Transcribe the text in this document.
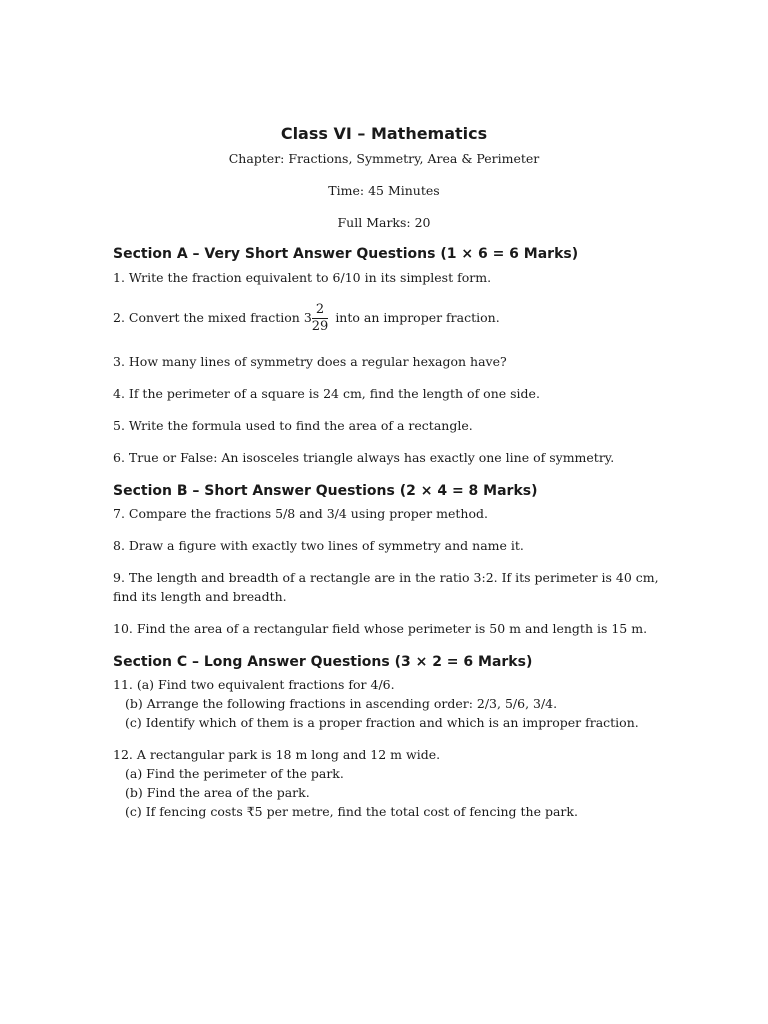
Class VI – Mathematics

Chapter: Fractions, Symmetry, Area & Perimeter

Time: 45 Minutes

Full Marks: 20

Section A – Very Short Answer Questions (1 × 6 = 6 Marks)

1. Write the fraction equivalent to 6/10 in its simplest form.

2. Convert the mixed fraction $3 \frac{2}{29}$ into an improper fraction.

3. How many lines of symmetry does a regular hexagon have?

4. If the perimeter of a square is 24 cm, find the length of one side.

5. Write the formula used to find the area of a rectangle.

6. True or False: An isosceles triangle always has exactly one line of symmetry.

Section B – Short Answer Questions (2 × 4 = 8 Marks)

7. Compare the fractions 5/8 and 3/4 using proper method.

8. Draw a figure with exactly two lines of symmetry and name it.

9. The length and breadth of a rectangle are in the ratio 3:2. If its perimeter is 40 cm, find its length and breadth.

10. Find the area of a rectangular field whose perimeter is 50 m and length is 15 m.

Section C – Long Answer Questions (3 × 2 = 6 Marks)

11. (a) Find two equivalent fractions for 4/6.
(b) Arrange the following fractions in ascending order: 2/3, 5/6, 3/4.
(c) Identify which of them is a proper fraction and which is an improper fraction.

12. A rectangular park is 18 m long and 12 m wide.
(a) Find the perimeter of the park.
(b) Find the area of the park.
(c) If fencing costs ₹5 per metre, find the total cost of fencing the park.
